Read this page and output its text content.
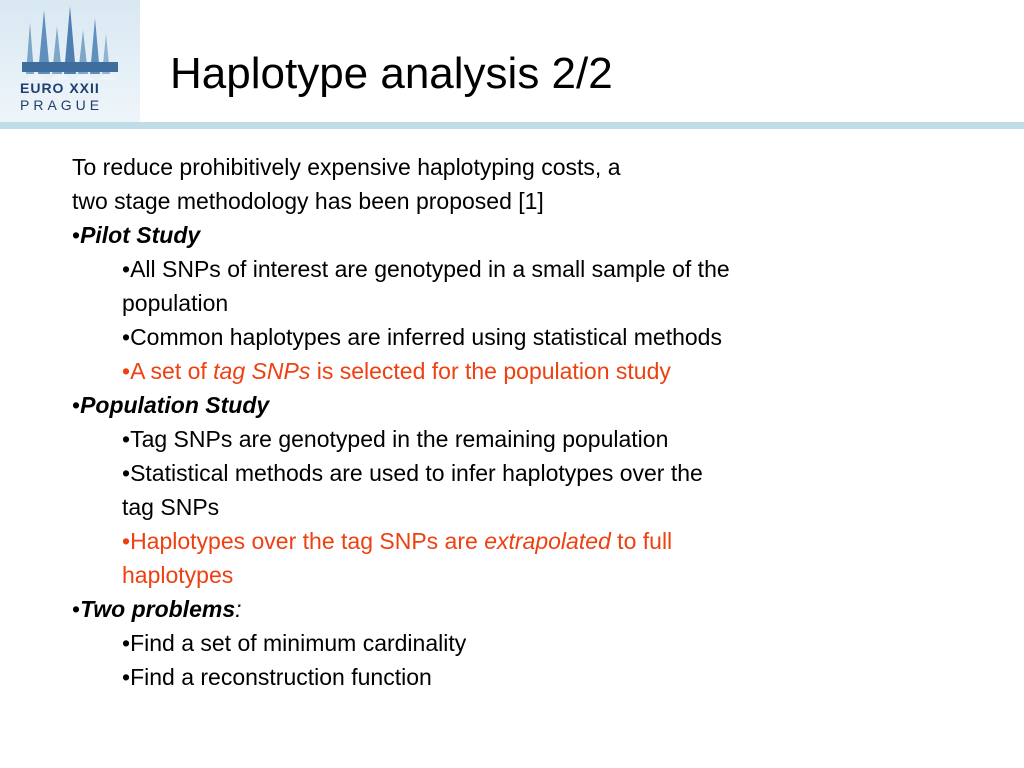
EURO XXII
PRAGUE
Haplotype analysis 2/2
To reduce prohibitively expensive haplotyping costs, a
two stage methodology has been proposed [1]
•Pilot Study
•All SNPs of interest are genotyped in a small sample of the
population
•Common haplotypes are inferred using statistical methods
•A set of tag SNPs is selected for the population study
•Population Study
•Tag SNPs are genotyped in the remaining population
•Statistical methods are used to infer haplotypes over the
tag SNPs
•Haplotypes over the tag SNPs are extrapolated to full
haplotypes
•Two problems:
•Find a set of minimum cardinality
•Find a reconstruction function
